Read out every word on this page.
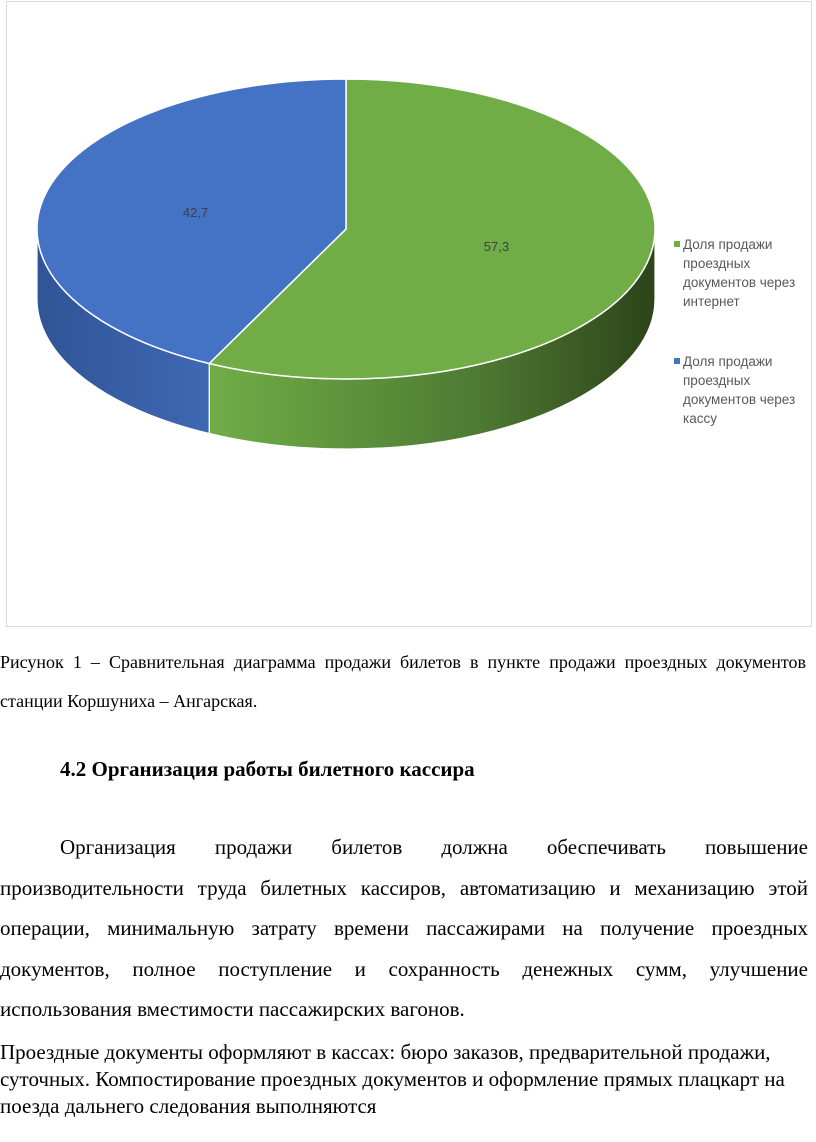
57,3
42,7
Доля продажи проездных документов через интернет
Доля продажи проездных документов через кассу
Рисунок 1 – Сравнительная диаграмма продажи билетов в пункте продажи проездных документов станции Коршуниха – Ангарская.
4.2 Организация работы билетного кассира
Организация продажи билетов должна обеспечивать повышение производительности труда билетных кассиров, автоматизацию и механизацию этой операции, минимальную затрату времени пассажирами на получение проездных документов, полное поступление и сохранность денежных сумм, улучшение использования вместимости пассажирских вагонов.
Проездные документы оформляют в кассах: бюро заказов, предварительной продажи, суточных. Компостирование проездных документов и оформление прямых плацкарт на поезда дальнего следования выполняются
